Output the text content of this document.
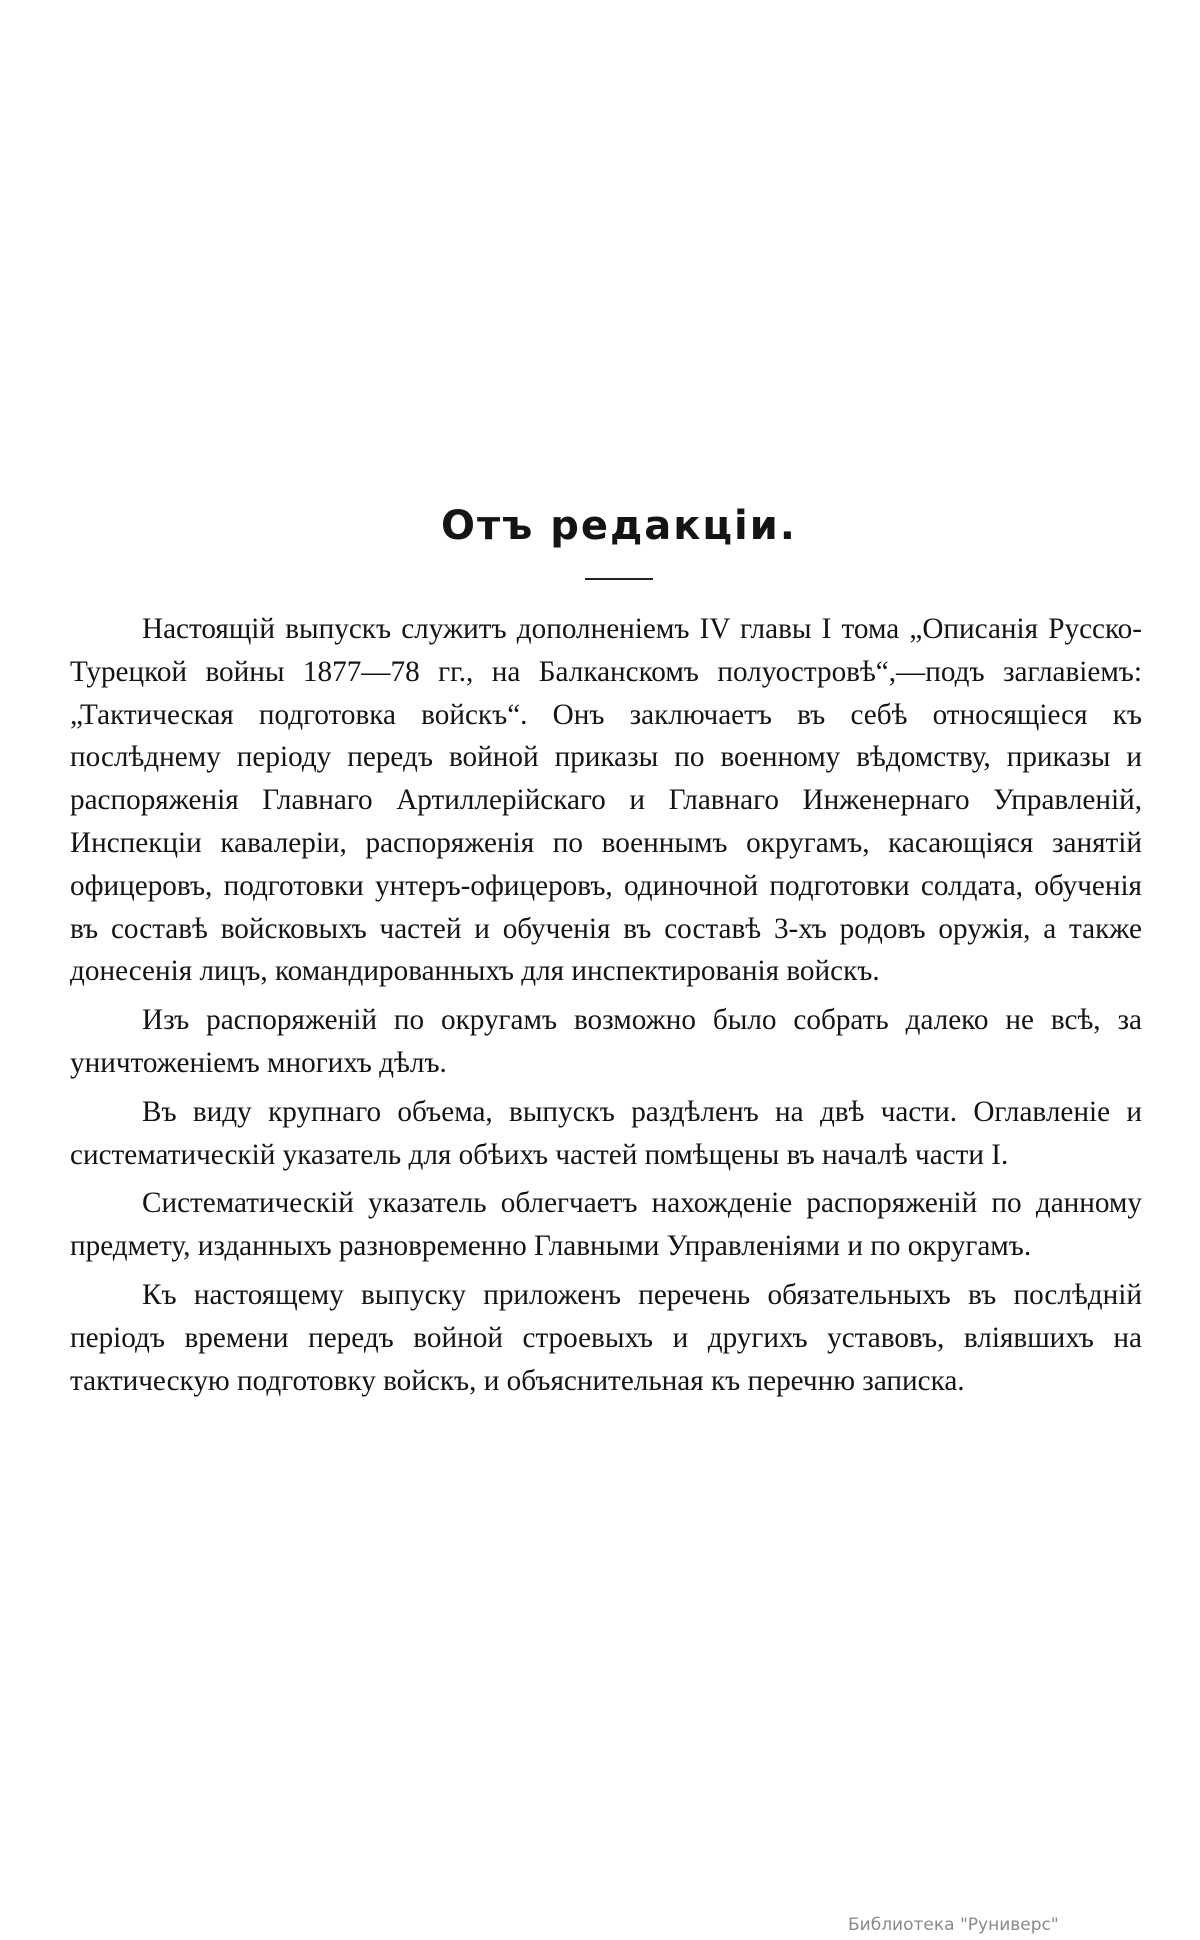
Отъ редакціи.

Настоящій выпускъ служитъ дополненіемъ IV главы I тома „Описанія Русско-Турецкой войны 1877—78 гг., на Балканскомъ полуостровѣ“,—подъ заглавіемъ: „Тактическая подготовка войскъ“. Онъ заключаетъ въ себѣ относящіеся къ послѣднему періоду передъ войной приказы по военному вѣдомству, приказы и распоряженія Главнаго Артиллерійскаго и Главнаго Инженернаго Управленій, Инспекціи кавалеріи, распоряженія по военнымъ округамъ, касающіяся занятій офицеровъ, подготовки унтеръ-офицеровъ, одиночной подготовки солдата, обученія въ составѣ войсковыхъ частей и обученія въ составѣ 3-хъ родовъ оружія, а также донесенія лицъ, командированныхъ для инспектированія войскъ.

Изъ распоряженій по округамъ возможно было собрать далеко не всѣ, за уничтоженіемъ многихъ дѣлъ.

Въ виду крупнаго объема, выпускъ раздѣленъ на двѣ части. Оглавленіе и систематическій указатель для обѣихъ частей помѣщены въ началѣ части I.

Систематическій указатель облегчаетъ нахожденіе распоряженій по данному предмету, изданныхъ разновременно Главными Управленіями и по округамъ.

Къ настоящему выпуску приложенъ перечень обязательныхъ въ послѣдній періодъ времени передъ войной строевыхъ и другихъ уставовъ, вліявшихъ на тактическую подготовку войскъ, и объяснительная къ перечню записка.

Библиотека "Руниверс"
